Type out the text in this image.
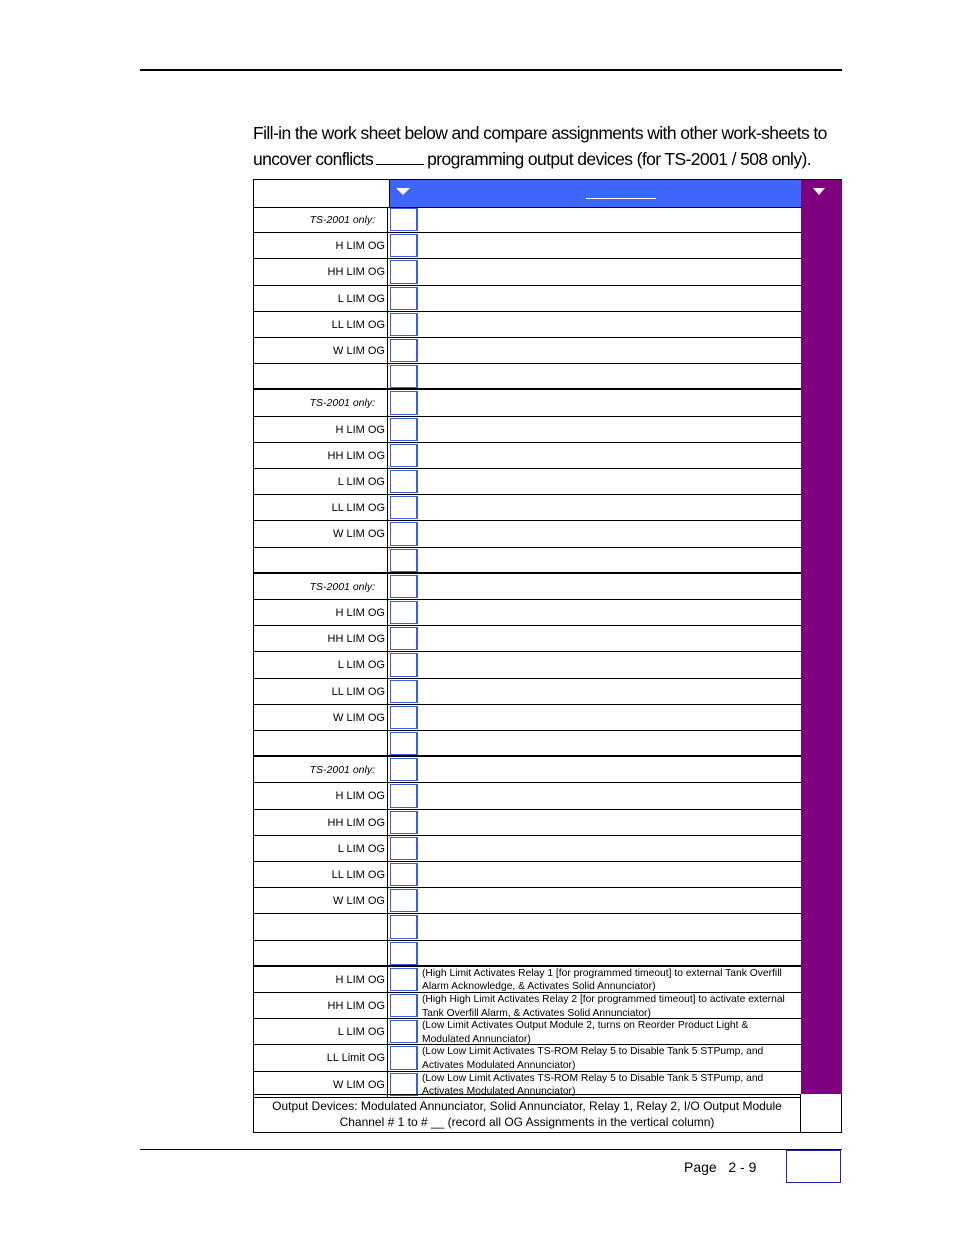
Fill-in the work sheet below and compare assignments with other work-sheets to

uncover conflicts	programming output devices (for TS-2001 / 508 only).

TS-2001 only:
H LIM OG
HH LIM OG
L LIM OG
LL LIM OG
W LIM OG
TS-2001 only:
H LIM OG
HH LIM OG
L LIM OG
LL LIM OG
W LIM OG
TS-2001 only:
H LIM OG
HH LIM OG
L LIM OG
LL LIM OG
W LIM OG
TS-2001 only:
H LIM OG
HH LIM OG
L LIM OG
LL LIM OG
W LIM OG
H LIM OG
(High Limit Activates Relay 1 [for programmed timeout] to external Tank Overfill Alarm Acknowledge, & Activates Solid Annunciator)
HH LIM OG
(High High Limit Activates Relay 2 [for programmed timeout] to activate external Tank Overfill Alarm, & Activates Solid Annunciator)
L LIM OG
(Low Limit Activates Output Module 2, turns on Reorder Product Light & Modulated Annunciator)
LL Limit OG
(Low Low Limit Activates TS-ROM Relay 5 to Disable Tank 5 STPump, and Activates Modulated Annunciator)
W LIM OG
(Low Low Limit Activates TS-ROM Relay 5 to Disable Tank 5 STPump, and Activates Modulated Annunciator)
Output Devices: Modulated Annunciator, Solid Annunciator, Relay 1, Relay 2, I/O Output Module
Channel # 1 to # __ (record all OG Assignments in the vertical column)
Page 2 - 9
